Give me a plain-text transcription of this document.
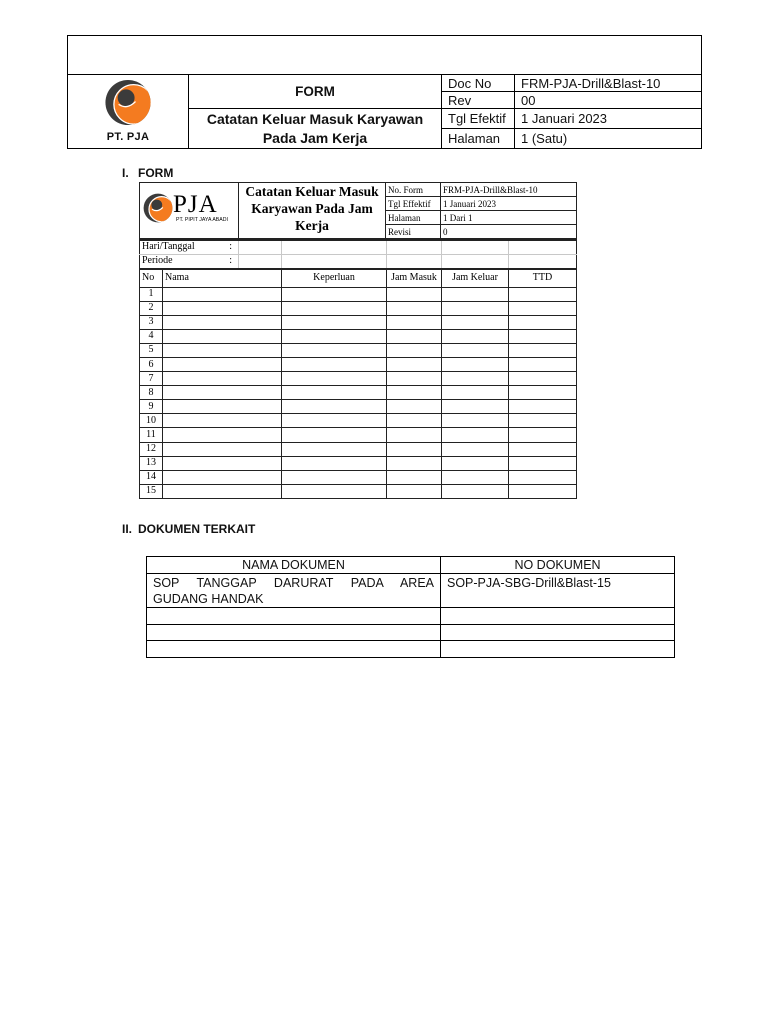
PT. PJA	FORM	Doc No	FRM-PJA-Drill&Blast-10
		Rev	00
	Catatan Keluar Masuk Karyawan Pada Jam Kerja	Tgl Efektif	1 Januari 2023
		Halaman	1 (Satu)
I. FORM
PJA
PT. PIPIT JAYA ABADI	Catatan Keluar Masuk Karyawan Pada Jam Kerja	No. Form	FRM-PJA-Drill&Blast-10
		Tgl Effektif	1 Januari 2023
		Halaman	1 Dari 1
		Revisi	0
Hari/Tanggal :					

Periode :					

No	Nama	Keperluan	Jam Masuk	Jam Keluar	TTD
1					
2					
3					
4					
5					
6					
7					
8					
9					
10					
11					
12					
13					
14					
15					
II. DOKUMEN TERKAIT
NAMA DOKUMEN	NO DOKUMEN
SOP TANGGAP DARURAT PADA AREA GUDANG HANDAK	SOP-PJA-SBG-Drill&Blast-15
